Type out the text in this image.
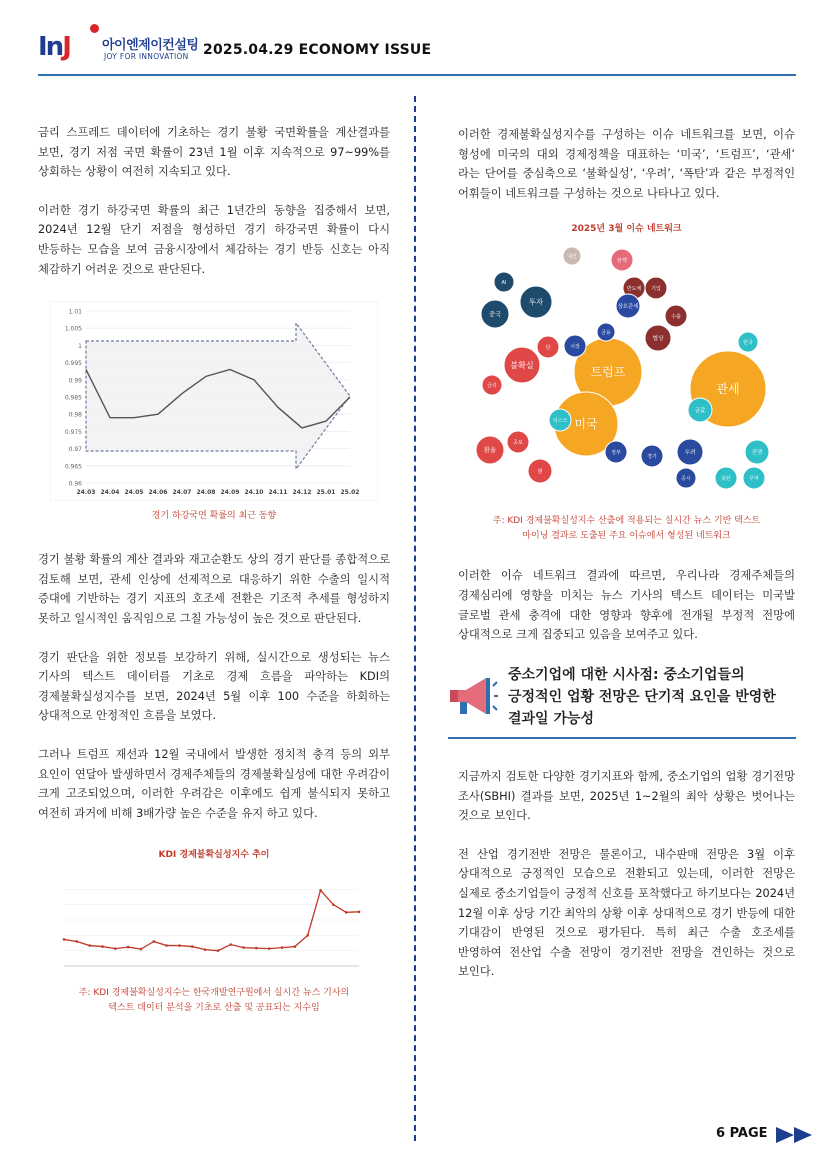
InJ 아이엔제이컨설팅
JOY FOR INNOVATION 2025.04.29 ECONOMY ISSUE

금리 스프레드 데이터에 기초하는 경기 불황 국면확률을 계산결과를 보면, 경기 저점 국면 확률이 23년 1월 이후 지속적으로 97~99%를 상회하는 상황이 여전히 지속되고 있다.

이러한 경기 하강국면 확률의 최근 1년간의 동향을 집중해서 보면, 2024년 12월 단기 저점을 형성하던 경기 하강국면 확률이 다시 반등하는 모습을 보여 금융시장에서 체감하는 경기 반등 신호는 아직 체감하기 어려운 것으로 판단된다.

1.01
1.005
1
0.995
0.99
0.985
0.98
0.975
0.97
0.965
0.96
24.03 24.04 24.05 24.06 24.07 24.08 24.09 24.10 24.11 24.12 25.01 25.02
경기 하강국면 확률의 최근 동향

경기 불황 확률의 계산 결과와 재고순환도 상의 경기 판단를 종합적으로 검토해 보면, 관세 인상에 선제적으로 대응하기 위한 수출의 일시적 증대에 기반하는 경기 지표의 호조세 전환은 기조적 추세를 형성하지 못하고 일시적인 움직임으로 그칠 가능성이 높은 것으로 판단된다.

경기 판단을 위한 정보를 보강하기 위해, 실시간으로 생성되는 뉴스 기사의 텍스트 데이터를 기초로 경제 흐름을 파악하는 KDI의 경제불확실성지수를 보면, 2024년 5월 이후 100 수준을 하회하는 상대적으로 안정적인 흐름을 보였다.

그러나 트럼프 재선과 12월 국내에서 발생한 정치적 충격 등의 외부 요인이 연달아 발생하면서 경제주체들의 경제불확실성에 대한 우려감이 크게 고조되었으며, 이러한 우려감은 이후에도 쉽게 불식되지 못하고 여전히 과거에 비해 3배가량 높은 수준을 유지 하고 있다.

KDI 경제불확실성지수 추이
주: KDI 경제불확실성지수는 한국개발연구원에서 실시간 뉴스 기사의
텍스트 데이터 분석을 기초로 산출 및 공표되는 지수임

이러한 경제불확실성지수를 구성하는 이슈 네트워크를 보면, 이슈 형성에 미국의 대외 경제정책을 대표하는 ‘미국’, ‘트럼프’, ‘관세’ 라는 단어를 중심축으로 ‘불확실성’, ‘우려’, ‘폭탄’과 같은 부정적인 어휘들이 네트워크를 구성하는 것으로 나타나고 있다.

2025년 3월 이슈 네트워크
트럼프
관세
미국
불확실
중국
AI
투자
단	시장
금융
금리
협상
수출
경기
우려
증시
환율
원
금값
전쟁
대선
탄핵
한국
폭탄	무역
정부
기업
반도체
상호관세
리스크
공포
주: KDI 경제불확실성지수 산출에 적용되는 실시간 뉴스 기반 텍스트
마이닝 결과로 도출된 주요 이슈에서 형성된 네트워크

이러한 이슈 네트워크 결과에 따르면, 우리나라 경제주체들의 경제심리에 영향을 미치는 뉴스 기사의 텍스트 데이터는 미국발 글로벌 관세 충격에 대한 영향과 향후에 전개될 부정적 전망에 상대적으로 크게 집중되고 있음을 보여주고 있다.

중소기업에 대한 시사점: 중소기업들의 긍정적인 업황 전망은 단기적 요인을 반영한 결과일 가능성

지금까지 검토한 다양한 경기지표와 함께, 중소기업의 업황 경기전망 조사(SBHI) 결과를 보면, 2025년 1~2월의 최악 상황은 벗어나는 것으로 보인다.

전 산업 경기전반 전망은 물론이고, 내수판매 전망은 3월 이후 상대적으로 긍정적인 모습으로 전환되고 있는데, 이러한 전망은 실제로 중소기업들이 긍정적 신호를 포착했다고 하기보다는 2024년 12월 이후 상당 기간 최악의 상황 이후 상대적으로 경기 반등에 대한 기대감이 반영된 것으로 평가된다. 특히 최근 수출 호조세를 반영하여 전산업 수출 전망이 경기전반 전망을 견인하는 것으로 보인다.

6 PAGE
